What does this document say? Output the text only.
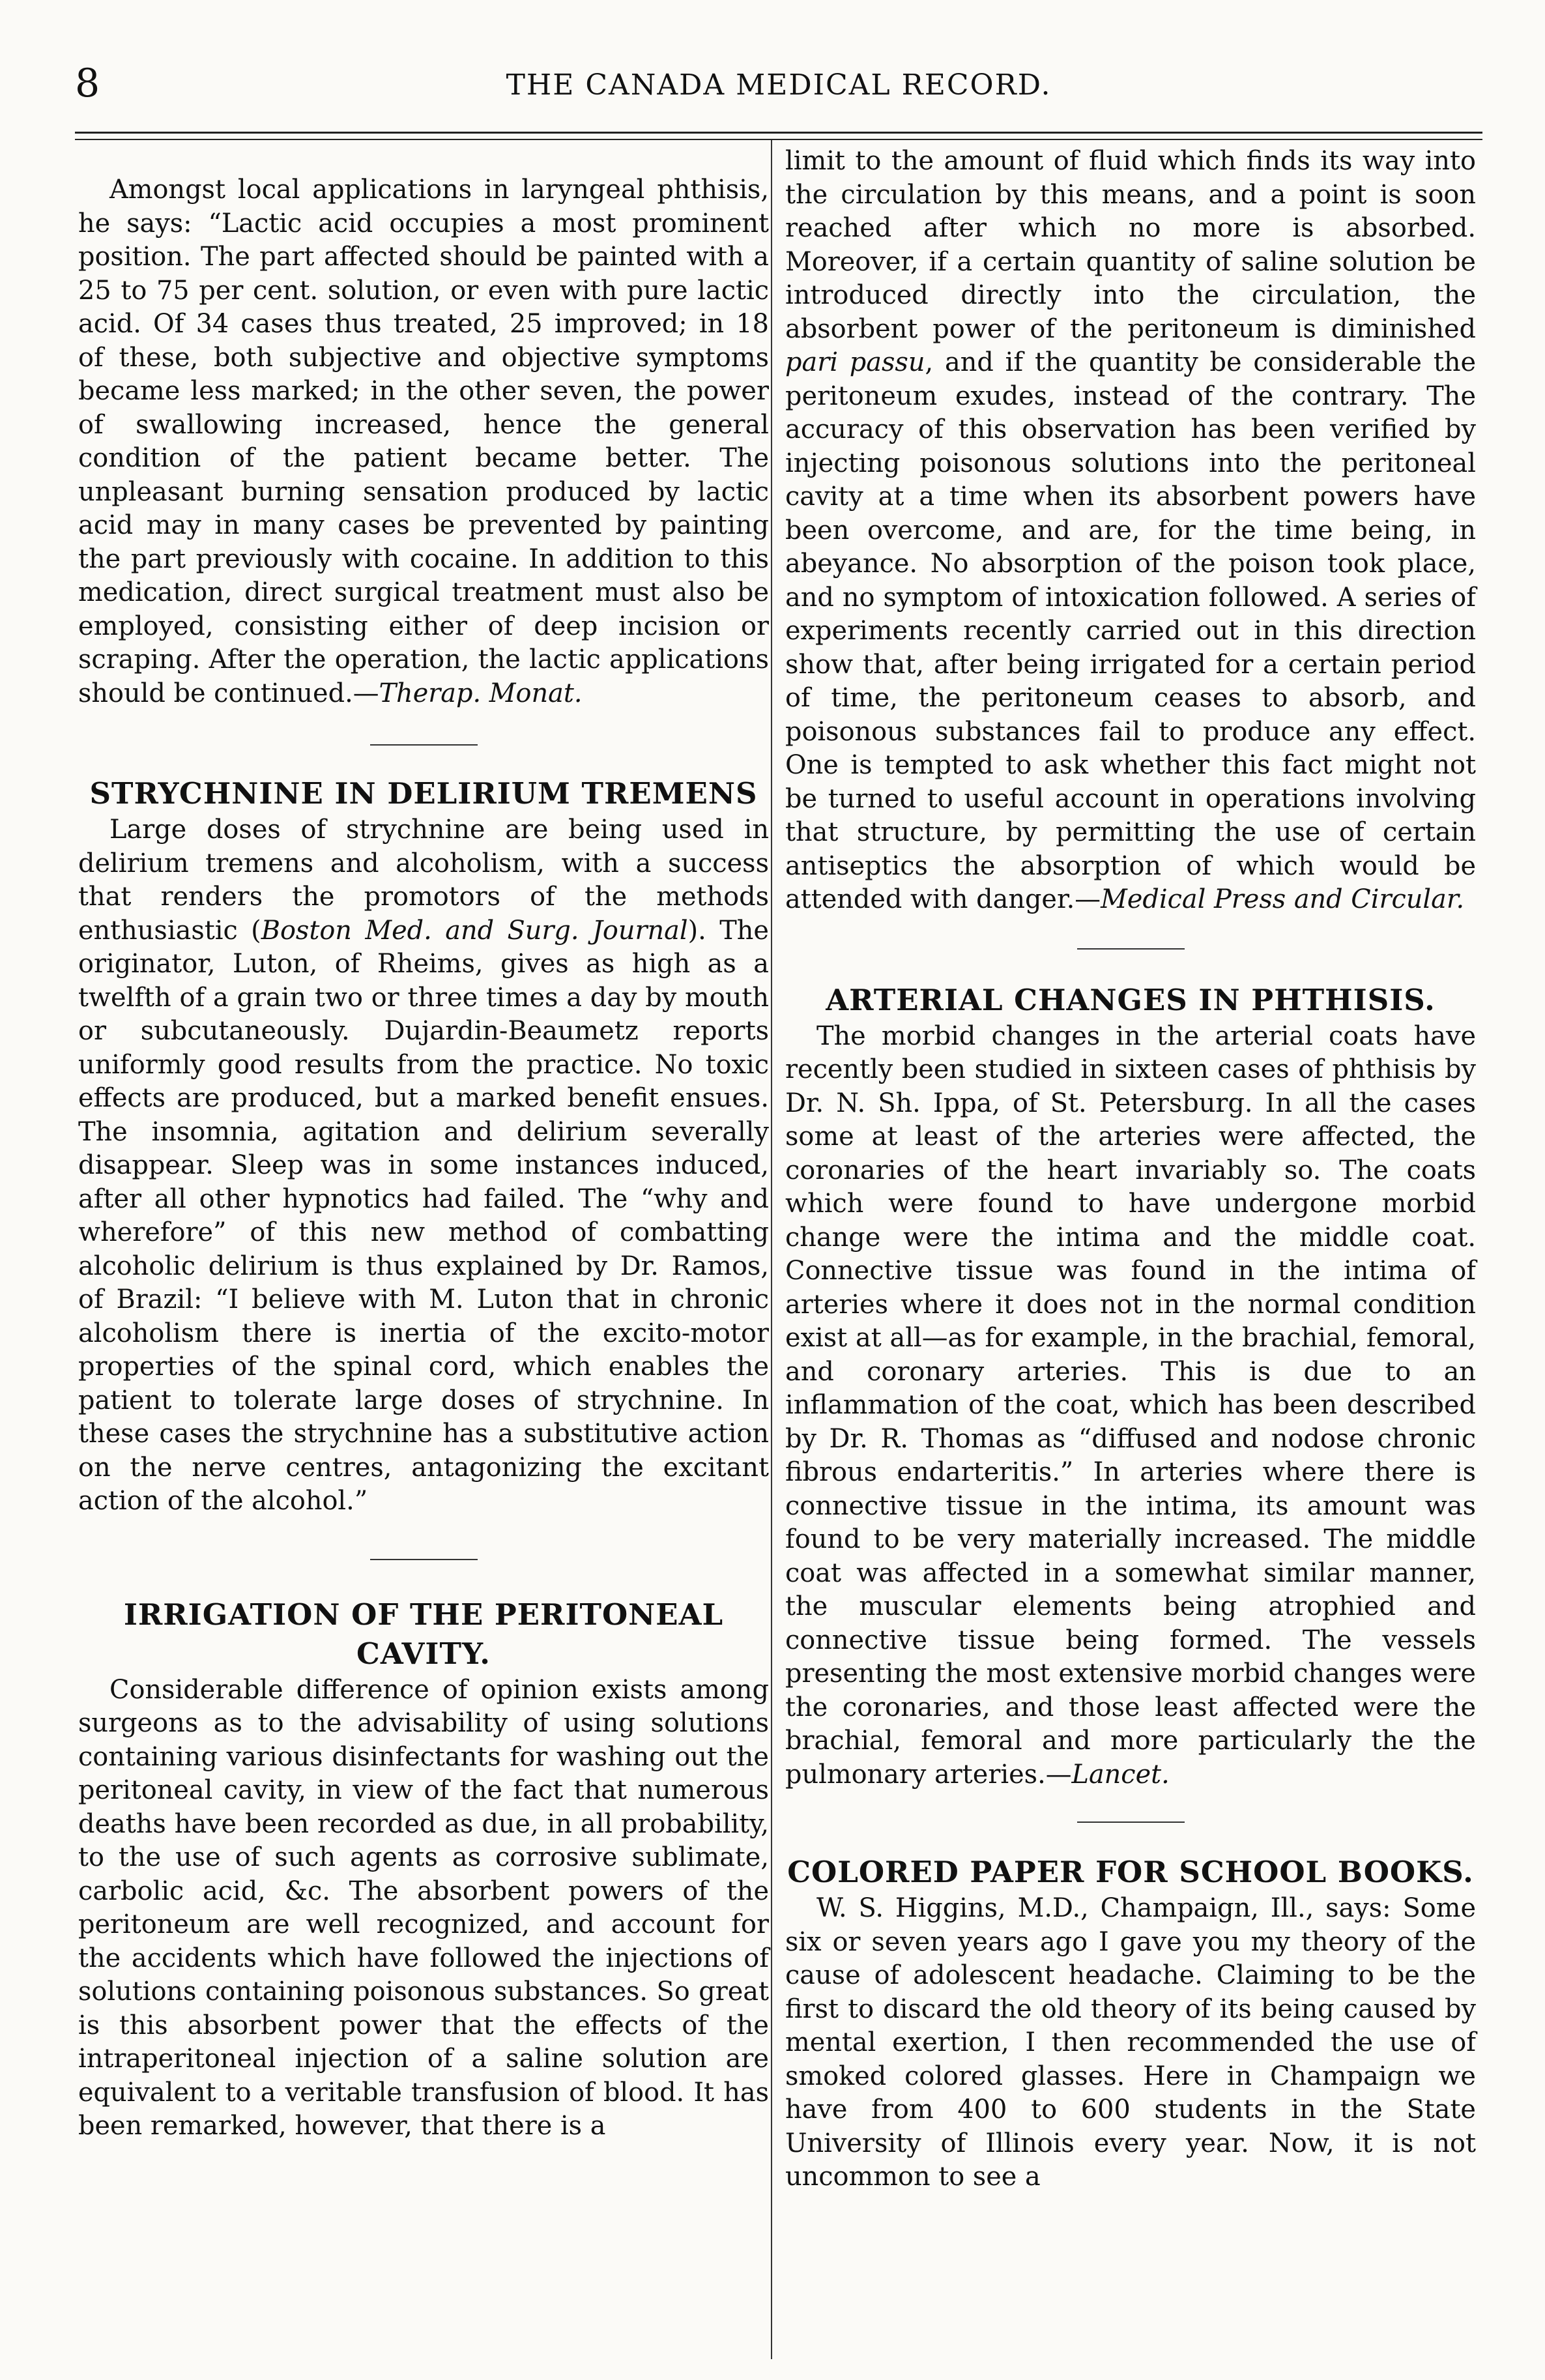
8	THE CANADA MEDICAL RECORD.

Amongst local applications in laryngeal phthisis, he says: “Lactic acid occupies a most prominent position. The part affected should be painted with a 25 to 75 per cent. solution, or even with pure lactic acid. Of 34 cases thus treated, 25 improved; in 18 of these, both subjective and objective symptoms became less marked; in the other seven, the power of swallowing increased, hence the general condition of the patient became better. The unpleasant burning sensation produced by lactic acid may in many cases be prevented by painting the part previously with cocaine. In addition to this medication, direct surgical treatment must also be employed, consisting either of deep incision or scraping. After the operation, the lactic applications should be continued.—Therap. Monat.

STRYCHNINE IN DELIRIUM TREMENS

Large doses of strychnine are being used in delirium tremens and alcoholism, with a success that renders the promotors of the methods enthusiastic (Boston Med. and Surg. Journal). The originator, Luton, of Rheims, gives as high as a twelfth of a grain two or three times a day by mouth or subcutaneously. Dujardin-Beaumetz reports uniformly good results from the practice. No toxic effects are produced, but a marked benefit ensues. The insomnia, agitation and delirium severally disappear. Sleep was in some instances induced, after all other hypnotics had failed. The “why and wherefore” of this new method of combatting alcoholic delirium is thus explained by Dr. Ramos, of Brazil: “I believe with M. Luton that in chronic alcoholism there is inertia of the excito-motor properties of the spinal cord, which enables the patient to tolerate large doses of strychnine. In these cases the strychnine has a substitutive action on the nerve centres, antagonizing the excitant action of the alcohol.”

IRRIGATION OF THE PERITONEAL CAVITY.

Considerable difference of opinion exists among surgeons as to the advisability of using solutions containing various disinfectants for washing out the peritoneal cavity, in view of the fact that numerous deaths have been recorded as due, in all probability, to the use of such agents as corrosive sublimate, carbolic acid, &c. The absorbent powers of the peritoneum are well recognized, and account for the accidents which have followed the injections of solutions containing poisonous substances. So great is this absorbent power that the effects of the intraperitoneal injection of a saline solution are equivalent to a veritable transfusion of blood. It has been remarked, however, that there is a

limit to the amount of fluid which finds its way into the circulation by this means, and a point is soon reached after which no more is absorbed. Moreover, if a certain quantity of saline solution be introduced directly into the circulation, the absorbent power of the peritoneum is diminished pari passu, and if the quantity be considerable the peritoneum exudes, instead of the contrary. The accuracy of this observation has been verified by injecting poisonous solutions into the peritoneal cavity at a time when its absorbent powers have been overcome, and are, for the time being, in abeyance. No absorption of the poison took place, and no symptom of intoxication followed. A series of experiments recently carried out in this direction show that, after being irrigated for a certain period of time, the peritoneum ceases to absorb, and poisonous substances fail to produce any effect. One is tempted to ask whether this fact might not be turned to useful account in operations involving that structure, by permitting the use of certain antiseptics the absorption of which would be attended with danger.—Medical Press and Circular.

ARTERIAL CHANGES IN PHTHISIS.

The morbid changes in the arterial coats have recently been studied in sixteen cases of phthisis by Dr. N. Sh. Ippa, of St. Petersburg. In all the cases some at least of the arteries were affected, the coronaries of the heart invariably so. The coats which were found to have undergone morbid change were the intima and the middle coat. Connective tissue was found in the intima of arteries where it does not in the normal condition exist at all—as for example, in the brachial, femoral, and coronary arteries. This is due to an inflammation of the coat, which has been described by Dr. R. Thomas as “diffused and nodose chronic fibrous endarteritis.” In arteries where there is connective tissue in the intima, its amount was found to be very materially increased. The middle coat was affected in a somewhat similar manner, the muscular elements being atrophied and connective tissue being formed. The vessels presenting the most extensive morbid changes were the coronaries, and those least affected were the brachial, femoral and more particularly the the pulmonary arteries.—Lancet.

COLORED PAPER FOR SCHOOL BOOKS.

W. S. Higgins, M.D., Champaign, Ill., says: Some six or seven years ago I gave you my theory of the cause of adolescent headache. Claiming to be the first to discard the old theory of its being caused by mental exertion, I then recommended the use of smoked colored glasses. Here in Champaign we have from 400 to 600 students in the State University of Illinois every year. Now, it is not uncommon to see a
